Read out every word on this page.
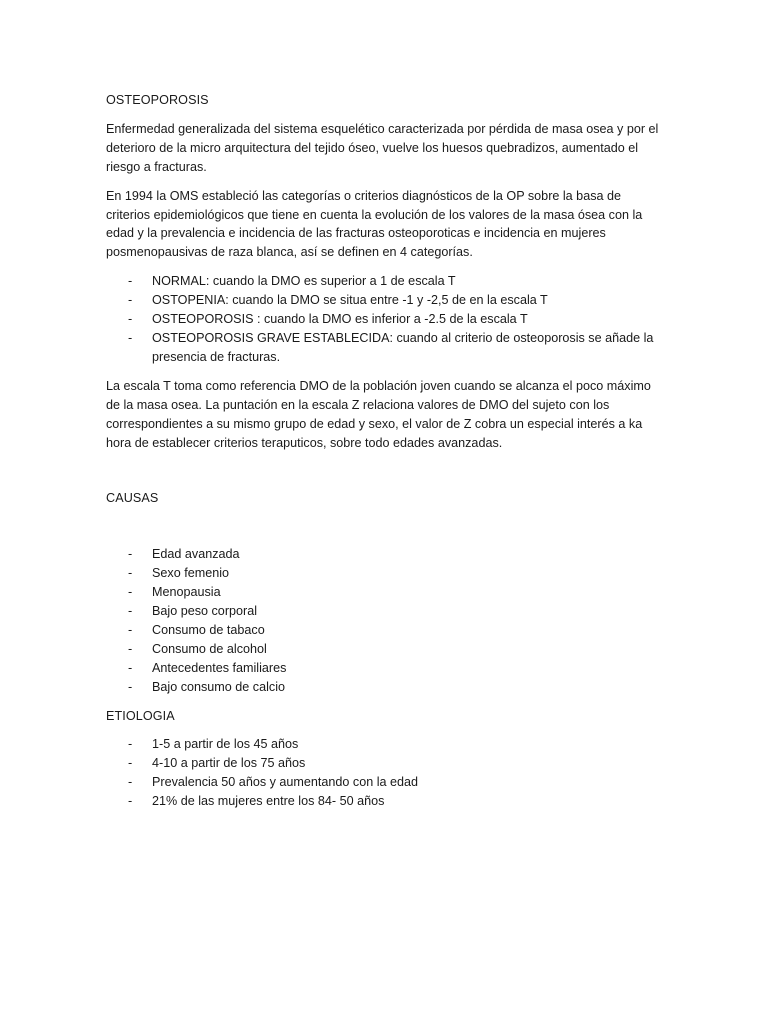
OSTEOPOROSIS

Enfermedad generalizada del sistema esquelético caracterizada por pérdida de masa osea y por el deterioro de la micro arquitectura del tejido óseo, vuelve los huesos quebradizos, aumentado el riesgo a fracturas.

En 1994 la OMS estableció las categorías o criterios diagnósticos de la OP sobre la basa de criterios epidemiológicos que tiene en cuenta la evolución de los valores de la masa ósea con la edad y la prevalencia e incidencia de las fracturas osteoporoticas e incidencia en mujeres posmenopausivas de raza blanca, así se definen en 4 categorías.

- NORMAL: cuando la DMO es superior a 1 de escala T
- OSTOPENIA: cuando la DMO se situa entre -1 y -2,5 de en la escala T
- OSTEOPOROSIS : cuando la DMO es inferior a -2.5 de la escala T
- OSTEOPOROSIS GRAVE ESTABLECIDA: cuando al criterio de osteoporosis se añade la presencia de fracturas.

La escala T toma como referencia DMO de la población joven cuando se alcanza el poco máximo de la masa osea. La puntación en la escala Z relaciona valores de DMO del sujeto con los correspondientes a su mismo grupo de edad y sexo, el valor de Z cobra un especial interés a ka hora de establecer criterios teraputicos, sobre todo edades avanzadas.

CAUSAS

- Edad avanzada
- Sexo femenio
- Menopausia
- Bajo peso corporal
- Consumo de tabaco
- Consumo de alcohol
- Antecedentes familiares
- Bajo consumo de calcio

ETIOLOGIA

- 1-5 a partir de los 45 años
- 4-10 a partir de los 75 años
- Prevalencia 50 años y aumentando con la edad
- 21% de las mujeres entre los 84- 50 años
